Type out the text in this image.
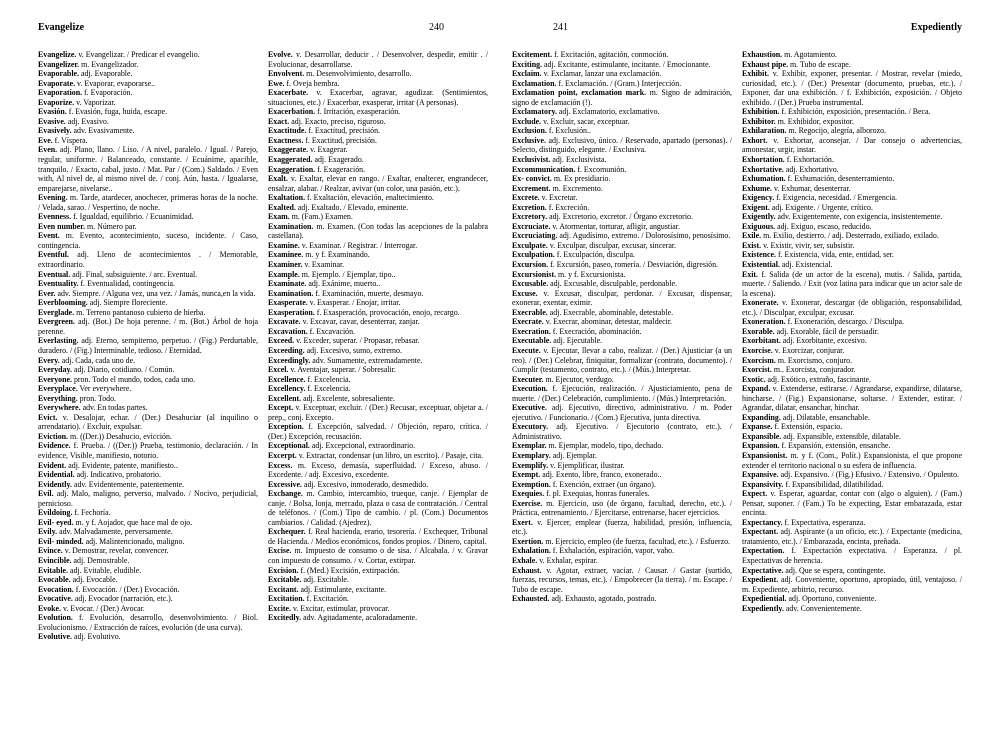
Evangelize	240

Evangelize. v. Evangelizar. / Predicar el evangelio.

Evangelizer. m. Evangelizador.

Evaporable. adj. Evaporable.

Evaporate. v. Evaporar, evaporarse..

Evaporation. f. Evaporación.

Evaporize. v. Vaporizar.

Evasión. f. Evasión, fuga, huida, escape.

Evasive. adj. Evasivo.

Evasively. adv. Evasivamente.

Eve. f. Víspera.

Even. adj. Plano, llano. / Liso. / A nivel, paralelo. / Igual. / Parejo, regular, uniforme. / Balanceado, constante. / Ecuánime, apacible, tranquilo. / Exacto, cabal, justo. / Mat. Par / (Com.) Saldado. / Even with, Al nivel de, al mismo nivel de. / conj. Aún, hasta. / Igualarse, emparejarse, nivelarse..

Evening. m. Tarde, atardecer, anochecer, primeras horas de la noche. / Velada, sarao. / Vespertino, de noche.

Evenness. f. Igualdad, equilibrio. / Ecuanimidad.

Even number. m. Número par.

Event. m. Evento, acontecimiento, suceso, incidente. / Caso, contingencia.

Eventful. adj. Lleno de acontecimientos . / Memorable, extraordinario.

Eventual. adj. Final, subsiguiente. / arc. Eventual.

Eventuality. f. Eventualidad, contingencia.

Ever. adv. Siempre. / Alguna vez, una vez. / Jamás, nunca,en la vida.

Everblooming. adj. Siempre floreciente.

Everglade. m. Terreno pantanoso cubierto de hierba.

Evergreen. adj. (Bot.) De hoja perenne. / m. (Bot.) Árbol de hoja perenne.

Everlasting. adj. Eterno, sempiterno, perpetuo. / (Fig.) Perdurtable, duradero. / (Fig.) Interminable, tedioso. / Eternidad.

Every. adj. Cada, cada uno de.

Everyday. adj. Diario, cotidiano. / Común.

Everyone. pron. Todo el mundo, todos, cada uno.

Everyplace. Ver everywhere.

Everything. pron. Todo.

Everywhere. adv. En todas partes.

Evict. v. Desalojar, echar. / (Der.) Desahuciar (al inquilino o arrendatario). / Excluir, expulsar.

Eviction. m. ((Der.)) Desahucio, evicción.

Evidence. f. Prueba. / ((Der.)) Prueba, testimonio, declaración. / In evidence, Visible, manifiesto, notorio.

Evident. adj. Evidente, patente, manifiesto..

Evidential. adj. Indicativo, probatorio.

Evidently. adv. Evidentemente, patentemente.

Evil. adj. Malo, maligno, perverso, malvado. / Nocivo, perjudicial, pernicioso.

Evildoing. f. Fechoría.

Evil- eyed. m. y f. Aojador, que hace mal de ojo.

Evily. adv. Malvadamente, perversamente.

Evil- minded. adj. Malintencionado, maligno.

Evince. v. Demostrar, revelar, convencer.

Evincible. adj. Demostrable.

Evitable. adj. Evitable, eludible.

Evocable. adj. Evocable.

Evocation. f. Evocación. / (Der.) Evocación.

Evocative. adj. Evocador (narración, etc.).

Evoke. v. Evocar. / (Der.) Avocar.

Evolution. f. Evolución, desarrollo, desenvolvimiento. / Biol. Evolucionismo. / Extracción de raíces, evolución (de una curva).

Evolutive. adj. Evolutivo.

Evolve. v. Desarrollar, deducir . / Desenvolver, despedir, emitir . / Evolucionar, desarrollarse.

Envolvent. m. Desenvolvimiento, desarrollo.

Ewe. f. Oveja hembra.

Exacerbate. v. Exacerbar, agravar, agudizar. (Sentimientos, situaciones, etc.) / Exacerbar, exasperar, irritar (A personas).

Exacerbation. f. Irritación, exasperación.

Exact. adj. Exacto, preciso, riguroso.

Exactitude. f. Exactitud, precisión.

Exactness. f. Exactitud, precisión.

Exaggerate. v. Exagerar.

Exaggerated. adj. Exagerado.

Exaggeration. f. Exageración.

Exalt. v. Exaltar, elevar en rango. / Exaltar, enaltecer, engrandecer, ensalzar, alabar. / Realzar, avivar (un color, una pasión, etc.).

Exaltation. f. Exaltación, elevación, enaltecimiento.

Exalted. adj. Exaltado. / Elevado, eminente.

Exam. m. (Fam.) Examen.

Examination. m. Examen. (Con todas las acepciones de la palabra castellana).

Examine. v. Examinar. / Registrar. / Interrogar.

Examinee. m. y f. Examinando.

Examiner. v. Examinar.

Example. m. Ejemplo. / Ejemplar, tipo..

Examinate. adj. Exánime, muerto..

Examination. f. Examinación, muerte, desmayo.

Exasperate. v. Exasperar. / Enojar, irritar.

Exasperation. f. Exasperación, provocación, enojo, recargo.

Excavate. v. Excavar, cavar, desenterrar, zanjar.

Excavation. f. Excavación.

Exceed. v. Exceder, superar. / Propasar, rebasar.

Exceeding. adj. Excesivo, sumo, extremo.

Exceedingly. adv. Sumamente, extremadamente.

Excel. v. Aventajar, superar. / Sobresalir.

Excellence. f. Excelencia.

Excellency. f. Excelencia.

Excellent. adj. Excelente, sobresaliente.

Except. v. Exceptuar, excluir. / (Der.) Recusar, exceptuar, objetar a. / prep., conj. Excepto.

Exception. f. Excepción, salvedad. / Objeción, reparo, crítica. / (Der.) Excepción, recusación.

Exceptional. adj. Excepcional, extraordinario.

Excerpt. v. Extractar, condensar (un libro, un escrito). / Pasaje, cita.

Excess. m. Exceso, demasía, superfluidad. / Exceso, abuso. / Excedente. / adj. Excesivo, excedente.

Excessive. adj. Excesivo, inmoderado, desmedido.

Exchange. m. Cambio, intercambio, trueque, canje. / Ejemplar de canje. / Bolsa, lonja, mercado, plaza o casa de contratación. / Central de teléfonos. / (Com.) Tipo de cambio. / pl. (Com.) Documentos cambiarios. / Calidad. (Ajedrez).

Exchequer. f. Real hacienda, erario, tesorería. / Exchequer, Tribunal de Hacienda. / Medios económicos, fondos propios. / Dinero, capital.

Excise. m. Impuesto de consumo o de sisa. / Alcabala. / v. Gravar con impuesto de consumo. / v. Cortar, extirpar.

Excision. f. (Med.) Excisión, extirpación.

Excitable. adj. Excitable.

Excitant. adj. Estimulante, excitante.

Excitation. f. Excitación.

Excite. v. Excitar, estimular, provocar.

Excitedly. adv. Agitadamente, acaloradamente.

241	Expediently

Excitement. f. Excitación, agitación, conmoción.

Exciting. adj. Excitante, estimulante, incitante. / Emocionante.

Exclaim. v. Exclamar, lanzar una exclamación.

Exclamation. f. Exclamación. / (Gram.) Interjección.

Exclamation point, exclamation mark. m. Signo de admiración, signo de exclamación (!).

Exclamatory. adj. Exclamatorio, exclamativo.

Exclude. v. Excluir, sacar, exceptuar.

Exclusion. f. Exclusión..

Exclusive. adj. Exclusivo, único. / Reservado, apartado (personas). / Selecto, distinguido, elegante. / Exclusiva.

Exclusivist. adj. Exclusivista.

Excommunication. f. Excomunión.

Ex- convict. m. Ex presidiario.

Excrement. m. Excremento.

Excrete. v. Excretar.

Excretion. f. Excreción.

Excretory. adj. Excretorio, excretor. / Órgano excretorio.

Excruciate. v. Atormentar, torturar, afligir, angustiar.

Excruciating. adj. Agudísimo, extremo. / Dolorosísimo, penosísimo.

Exculpate. v. Exculpar, disculpar, excusar, sincerar.

Exculpation. f. Exculpación, disculpa.

Excursion. f. Excursión, paseo, romería. / Desviación, digresión.

Excursionist. m. y f. Excursionista.

Excusable. adj. Excusable, disculpable, perdonable.

Excuse. v. Excusar, disculpar, perdonar. / Excusar, dispensar, exonerar, exentar, eximir.

Execrable. adj. Execrable, abominable, detestable.

Execrate. v. Execrar, abominar, detestar, maldecir.

Execration. f. Execración, abominación.

Executable. adj. Ejecutable.

Execute. v. Ejecutar, llevar a cabo, realizar. / (Der.) Ajusticiar (a un reo). / (Der.) Celebrar, finiquitar, formalizar (contrato, documento). / Cumplir (testamento, contrato, etc.). / (Mús.) Interpretar.

Executer. m. Ejecutor, verdugo.

Execution. f. Ejecución, realización. / Ajusticiamiento, pena de muerte. / (Der.) Celebración, cumplimiento. / (Mús.) Interpretación.

Executive. adj. Ejecutivo, directivo, administrativo. / m. Poder ejecutivo. / Funcionario. / (Com.) Ejecutiva, junta directiva.

Executory. adj. Ejecutivo. / Ejecutorio (contrato, etc.). / Administrativo.

Exemplar. m. Ejemplar, modelo, tipo, dechado.

Exemplary. adj. Ejemplar.

Exemplify. v. Ejemplificar, ilustrar.

Exempt. adj. Exento, libre, franco, exonerado..

Exemption. f. Exención, extraer (un órgano).

Exequies. f. pl. Exequias, honras funerales.

Exercise. m. Ejercicio, uso (de órgano, facultad, derecho, etc.). / Práctica, entrenamiento. / Ejercitarse, entrenarse, hacer ejercicios.

Exert. v. Ejercer, emplear (fuerza, habilidad, presión, influencia, etc.).

Exertion. m. Ejercicio, empleo (de fuerza, facultad, etc.). / Esfuerzo.

Exhalation. f. Exhalación, espiración, vapor, vaho.

Exhale. v. Exhalar, espirar.

Exhaust. v. Agotar, extraer, vaciar. / Causar. / Gastar (surtido, fuerzas, recursos, temas, etc.). / Empobrecer (la tierra). / m. Escape. / Tubo de escape.

Exhausted. adj. Exhausto, agotado, postrado.

Exhaustion. m. Agotamiento.

Exhaust pipe. m. Tubo de escape.

Exhibit. v. Exhibir, exponer, presentar. / Mostrar, revelar (miedo, curiosidad, etc.). / (Der.) Presentar (documento, pruebas, etc.). / Exponer, dar una exhibición. / f. Exhibición, exposición. / Objeto exhibido. / (Der.) Prueba instrumental.

Exhibition. f. Exhibición, exposición, presentación. / Beca.

Exhibitor. m. Exhibidor, expositor.

Exhilaration. m. Regocijo, alegría, alborozo.

Exhort. v. Exhortar, aconsejar. / Dar consejo o advertencias, amonestar, urgir, instar.

Exhortation. f. Exhortación.

Exhortative. adj. Exhortativo.

Exhumation. f. Exhumación, desenterramiento.

Exhume. v. Exhumar, desenterrar.

Exigency. f. Exigencia, necesidad. / Emergencia.

Exigent. adj. Exigente. / Urgente, crítico.

Exigently. adv. Exigentemente, con exigencia, insistentemente.

Exiguous. adj. Exiguo, escaso, reducido.

Exile. m. Exilio, destierro. / adj. Desterrado, exiliado, exilado.

Exist. v. Existir, vivir, ser, subsistir.

Existence. f. Existencia, vida, ente, entidad, ser.

Existential. adj. Existencial.

Exit. f. Salida (de un actor de la escena), mutis. / Salida, partida, muerte. / Saliendo. / Exit (voz latina para indicar que un actor sale de la escena).

Exonerate. v. Exonerar, descargar (de obligación, responsabilidad, etc.). / Disculpar, exculpar, excusar.

Exoneration. f. Exoneración, descargo. / Disculpa.

Exorable. adj. Exorable, fácil de persuadir.

Exorbitant. adj. Exorbitante, excesivo.

Exorcise. v. Exorcizar, conjurar.

Exorcism. m. Exorcismo, conjuro.

Exorcist. m.. Exorcista, conjurador.

Exotic. adj. Exótico, extraño, fascinante.

Expand. v. Extenderse, estirarse. / Agrandarse, expandirse, dilatarse, hincharse. / (Fig.) Expansionarse, soltarse. / Extender, estirar. / Agrandar, dilatar, ensanchar, hinchar.

Expanding. adj. Dilatable, ensanchable.

Expanse. f. Extensión, espacio.

Expansible. adj. Expansible, extensible, dilatable.

Expansion. f. Expansión, extensión, ensanche.

Expansionist. m. y f. (Com., Polít.) Expansionista, el que propone extender el territorio nacional o su esfera de influencia.

Expansive. adj. Expansivo. / (Fig.) Efusivo. / Extensivo. / Opulento.

Expansivity. f. Expansibilidad, dilatibilidad.

Expect. v. Esperar, aguardar, contar con (algo o alguien). / (Fam.) Pensar, suponer. / (Fam.) To be expecting, Estar embarazada, estar encinta.

Expectancy. f. Expectativa, esperanza.

Expectant. adj. Aspirante (a un oficio, etc.). / Expectante (medicina, tratamiento, etc.). / Embarazada, encinta, preñada.

Expectation. f. Expectación expectativa. / Esperanza. / pl. Expectativas de herencia.

Expectative. adj. Que se espera, contingente.

Expedient. adj. Conveniente, oportuno, apropiado, útil, ventajoso. / m. Expediente, arbitrio, recurso.

Expediential. adj. Oportuno, conveniente.

Expediently. adv. Convenientemente.
